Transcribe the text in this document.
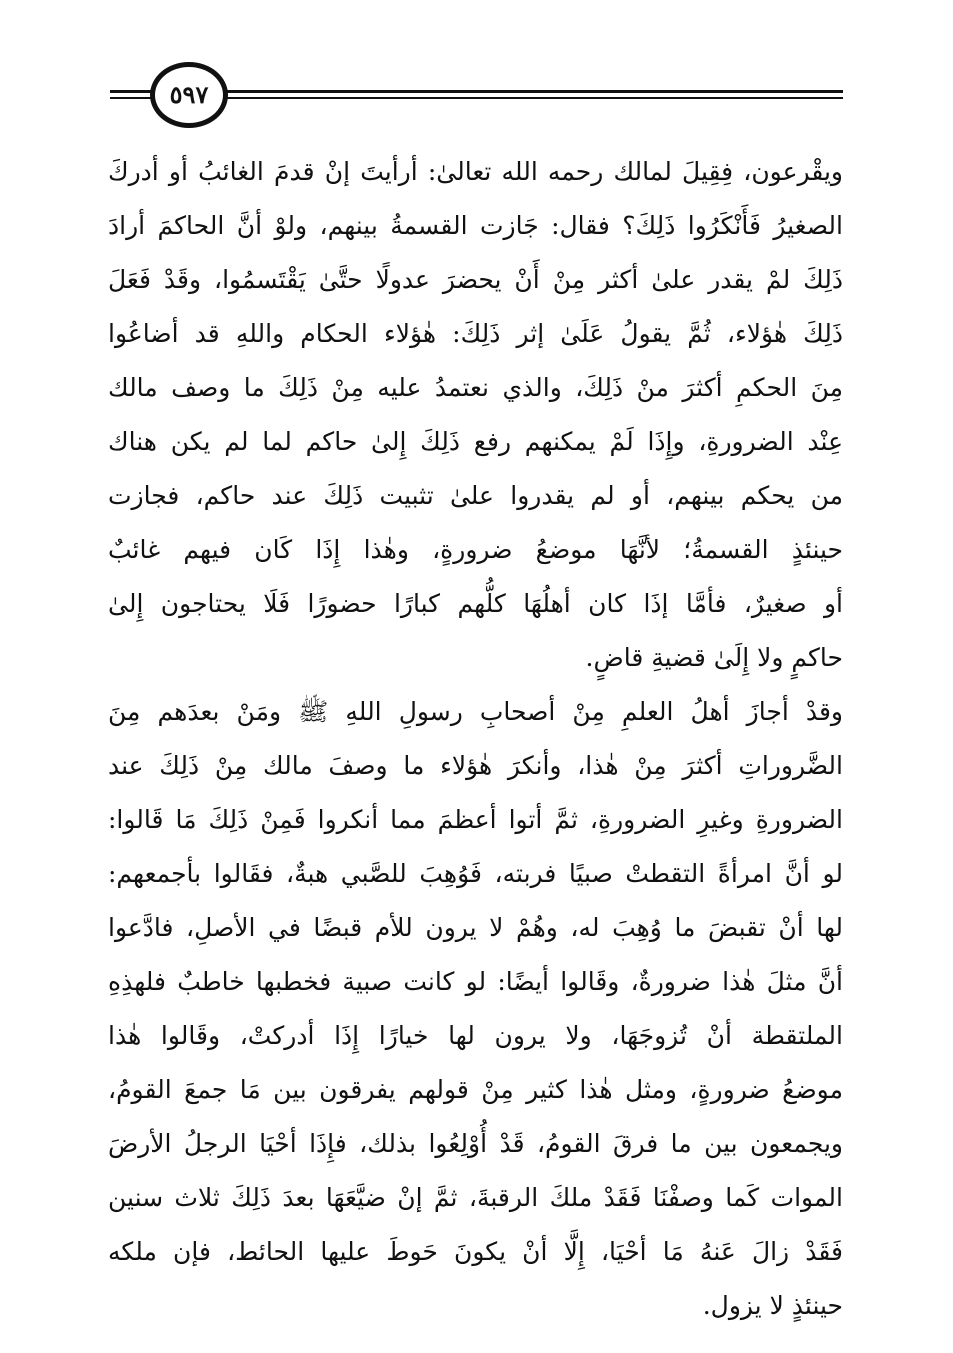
٥٩٧
ويقْرعون، فِقِيلَ لمالك رحمه الله تعالىٰ: أرأيتَ إنْ قدمَ الغائبُ أو أدركَ
الصغيرُ فَأَنْكَرُوا ذَلِكَ؟ فقال: جَازت القسمةُ بينهم، ولوْ أنَّ الحاكمَ أرادَ
ذَلِكَ لمْ يقدر علىٰ أكثر مِنْ أَنْ يحضرَ عدولًا حتَّىٰ يَقْتَسمُوا، وقَدْ فَعَلَ
ذَلِكَ هٰؤلاء، ثُمَّ يقولُ عَلَىٰ إثر ذَلِكَ: هٰؤلاء الحكام واللهِ قد أضاعُوا
مِنَ الحكمِ أكثرَ منْ ذَلِكَ، والذي نعتمدُ عليه مِنْ ذَلِكَ ما وصف مالك
عِنْد الضرورةِ، وإِذَا لَمْ يمكنهم رفع ذَلِكَ إِلىٰ حاكم لما لم يكن هناك
من يحكم بينهم، أو لم يقدروا علىٰ تثبيت ذَلِكَ عند حاكم، فجازت
حينئذٍ القسمةُ؛ لأنَّهَا موضعُ ضرورةٍ، وهٰذا إِذَا كَان فيهم غائبٌ
أو صغيرٌ، فأمَّا إذَا كان أهلُهَا كلُّهم كبارًا حضورًا فَلَا يحتاجون إِلىٰ
حاكمٍ ولا إِلَىٰ قضيةِ قاضٍ.
وقدْ أجازَ أهلُ العلمِ مِنْ أصحابِ رسولِ اللهِ ﷺ ومَنْ بعدَهم مِنَ
الضَّروراتِ أكثرَ مِنْ هٰذا، وأنكرَ هٰؤلاء ما وصفَ مالك مِنْ ذَلِكَ عند
الضرورةِ وغيرِ الضرورةِ، ثمَّ أتوا أعظمَ مما أنكروا فَمِنْ ذَلِكَ مَا قَالوا:
لو أنَّ امرأةً التقطتْ صبيًا فربته، فَوُهِبَ للصَّبي هبةٌ، فقَالوا بأجمعهم:
لها أنْ تقبضَ ما وُهِبَ له، وهُمْ لا يرون للأم قبضًا في الأصلِ، فادَّعوا
أنَّ مثلَ هٰذا ضرورةٌ، وقَالوا أيضًا: لو كانت صبية فخطبها خاطبٌ فلهذِهِ
الملتقطة أنْ تُزوجَهَا، ولا يرون لها خيارًا إِذَا أدركتْ، وقَالوا هٰذا
موضعُ ضرورةٍ، ومثل هٰذا كثير مِنْ قولهم يفرقون بين مَا جمعَ القومُ،
ويجمعون بين ما فرقَ القومُ، قَدْ أُوْلِعُوا بذلك، فإِذَا أحْيَا الرجلُ الأرضَ
الموات كَما وصفْنَا فَقَدْ ملكَ الرقبةَ، ثمَّ إنْ ضيَّعَهَا بعدَ ذَلِكَ ثلاث سنين
فَقَدْ زالَ عَنهُ مَا أحْيَا، إِلَّا أنْ يكونَ حَوطَ عليها الحائط، فإن ملكه
حينئذٍ لا يزول.
